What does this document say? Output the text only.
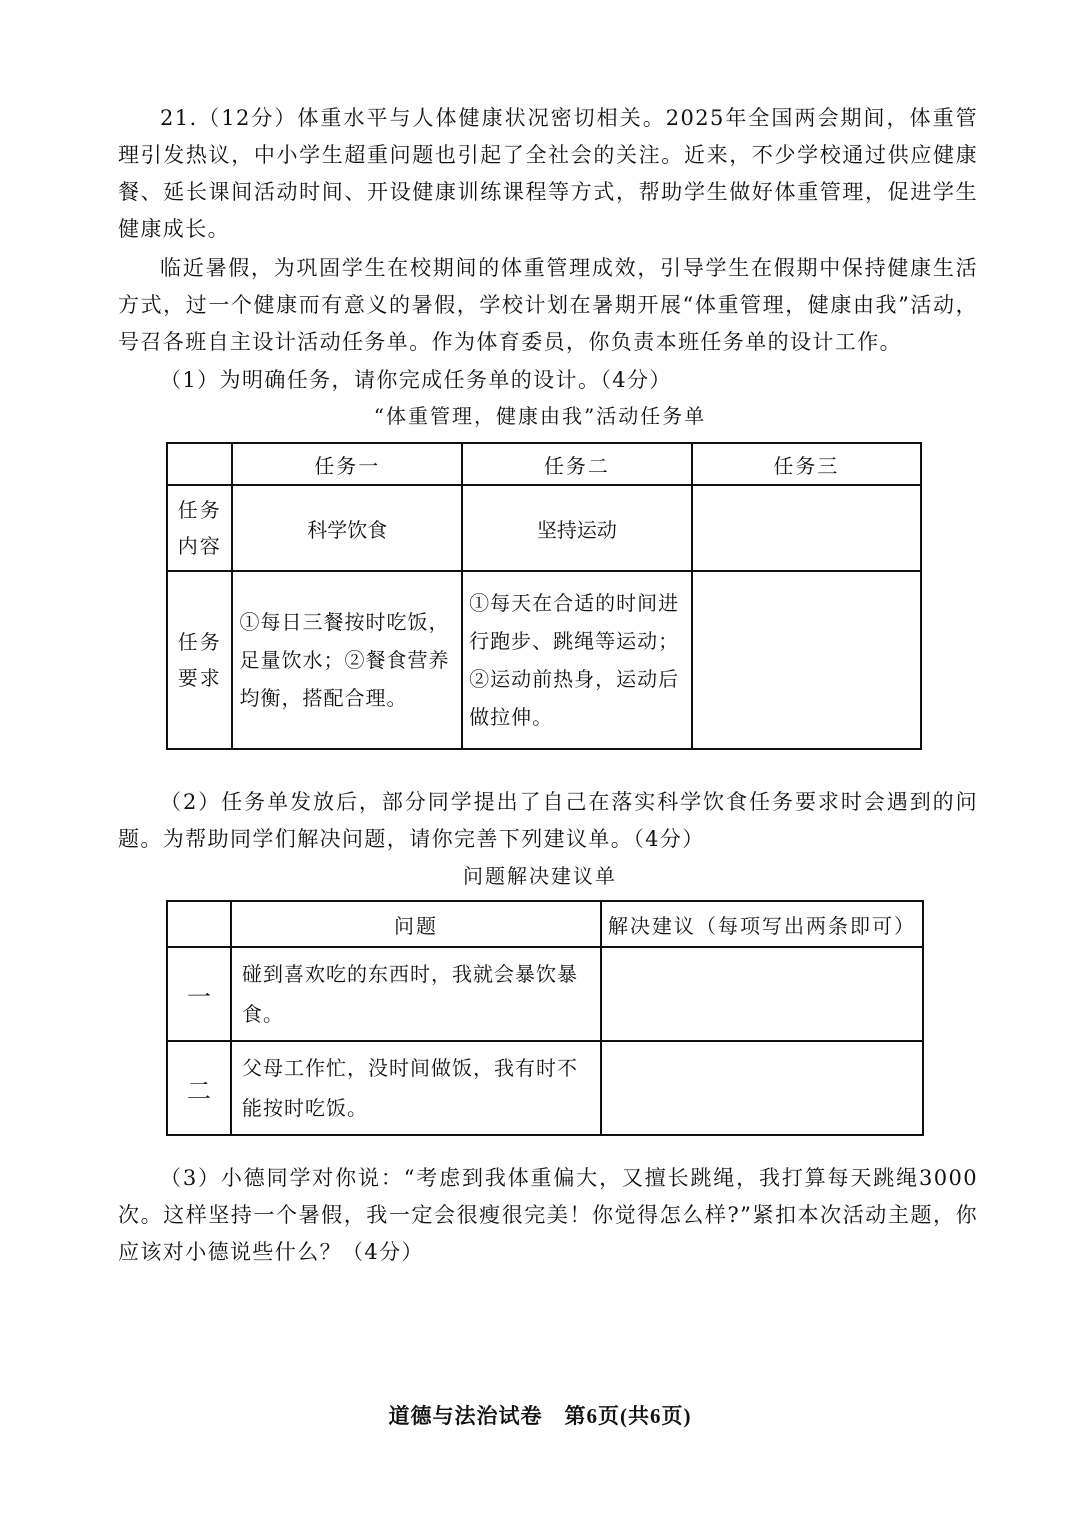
21.（12分）体重水平与人体健康状况密切相关。2025年全国两会期间，体重管理引发热议，中小学生超重问题也引起了全社会的关注。近来，不少学校通过供应健康餐、延长课间活动时间、开设健康训练课程等方式，帮助学生做好体重管理，促进学生健康成长。

临近暑假，为巩固学生在校期间的体重管理成效，引导学生在假期中保持健康生活方式，过一个健康而有意义的暑假，学校计划在暑期开展“体重管理，健康由我”活动，号召各班自主设计活动任务单。作为体育委员，你负责本班任务单的设计工作。

（1）为明确任务，请你完成任务单的设计。（4分）

“体重管理，健康由我”活动任务单

	任务一	任务二	任务三

任务
内容	科学饮食	坚持运动	

任务
要求	①每日三餐按时吃饭，足量饮水；②餐食营养均衡，搭配合理。	①每天在合适的时间进行跑步、跳绳等运动；②运动前热身，运动后做拉伸。	

（2）任务单发放后，部分同学提出了自己在落实科学饮食任务要求时会遇到的问题。为帮助同学们解决问题，请你完善下列建议单。（4分）

问题解决建议单

	问题	解决建议（每项写出两条即可）
一	碰到喜欢吃的东西时，我就会暴饮暴食。	
二	父母工作忙，没时间做饭，我有时不能按时吃饭。	

（3）小德同学对你说：“考虑到我体重偏大，又擅长跳绳，我打算每天跳绳3000次。这样坚持一个暑假，我一定会很瘦很完美！你觉得怎么样?”紧扣本次活动主题，你应该对小德说些什么？（4分）

道德与法治试卷　第6页(共6页)
